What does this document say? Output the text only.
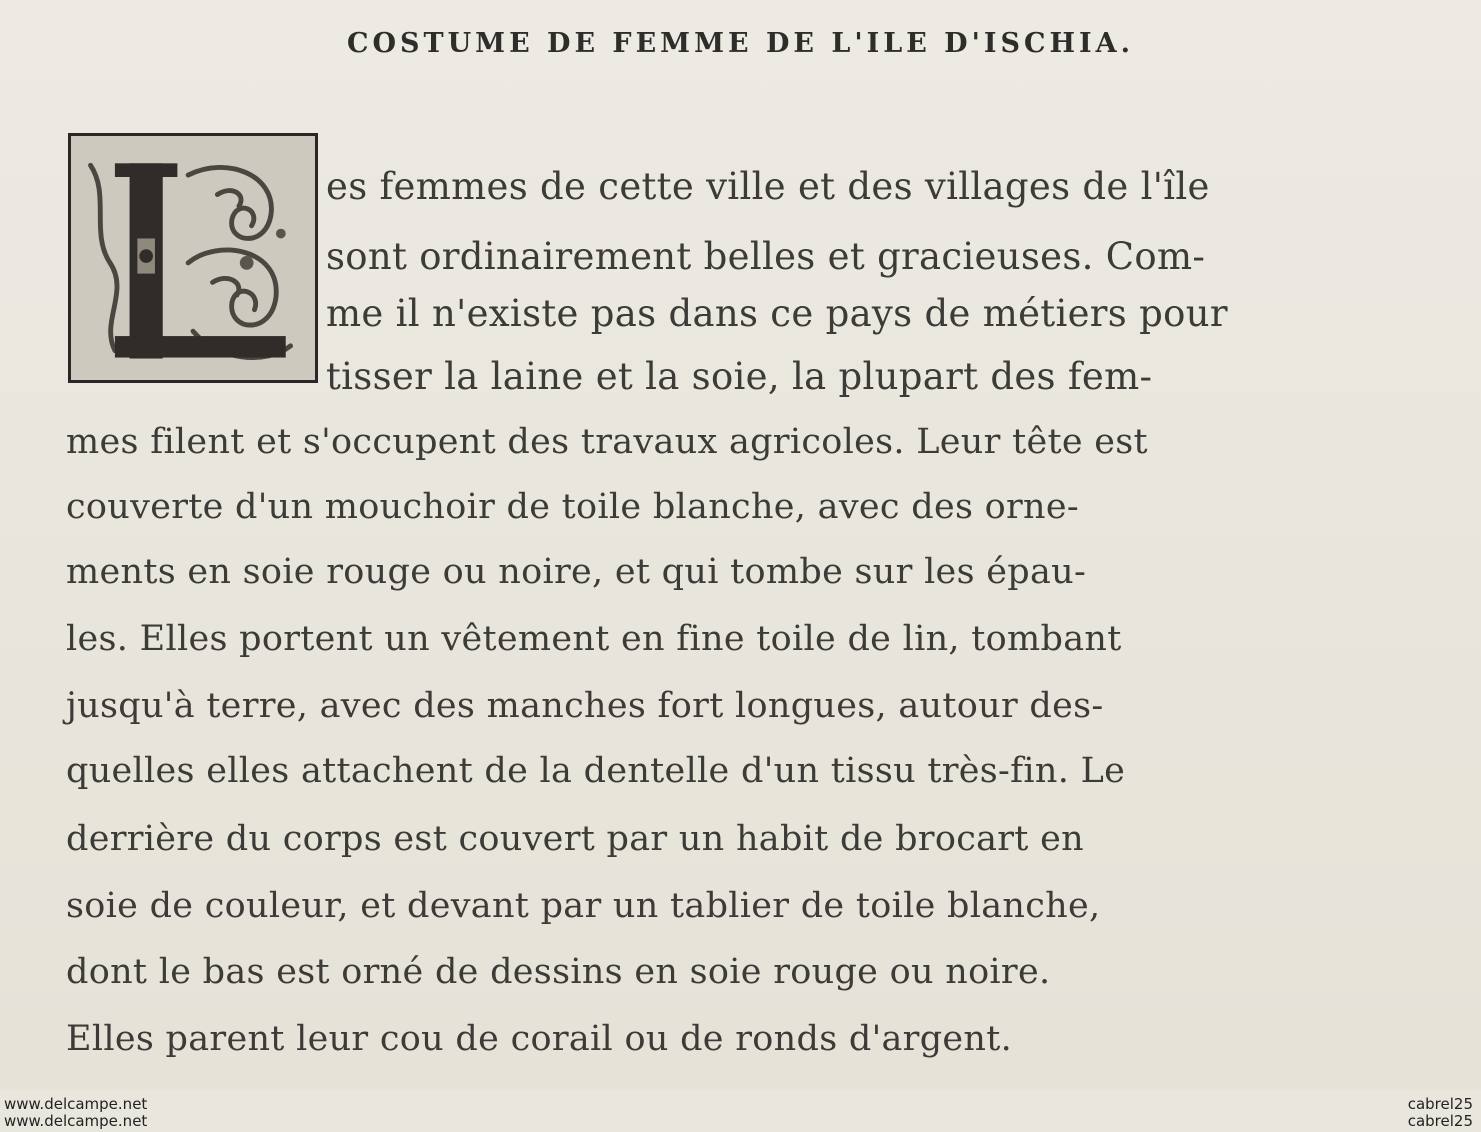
COSTUME DE FEMME DE L'ILE D'ISCHIA.
es femmes de cette ville et des villages de l'île
sont ordinairement belles et gracieuses. Com-
me il n'existe pas dans ce pays de métiers pour
tisser la laine et la soie, la plupart des fem-
mes filent et s'occupent des travaux agricoles. Leur tête est
couverte d'un mouchoir de toile blanche, avec des orne-
ments en soie rouge ou noire, et qui tombe sur les épau-
les. Elles portent un vêtement en fine toile de lin, tombant
jusqu'à terre, avec des manches fort longues, autour des-
quelles elles attachent de la dentelle d'un tissu très-fin. Le
derrière du corps est couvert par un habit de brocart en
soie de couleur, et devant par un tablier de toile blanche,
dont le bas est orné de dessins en soie rouge ou noire.
Elles parent leur cou de corail ou de ronds d'argent.
www.delcampe.net
www.delcampe.net
cabrel25
cabrel25
